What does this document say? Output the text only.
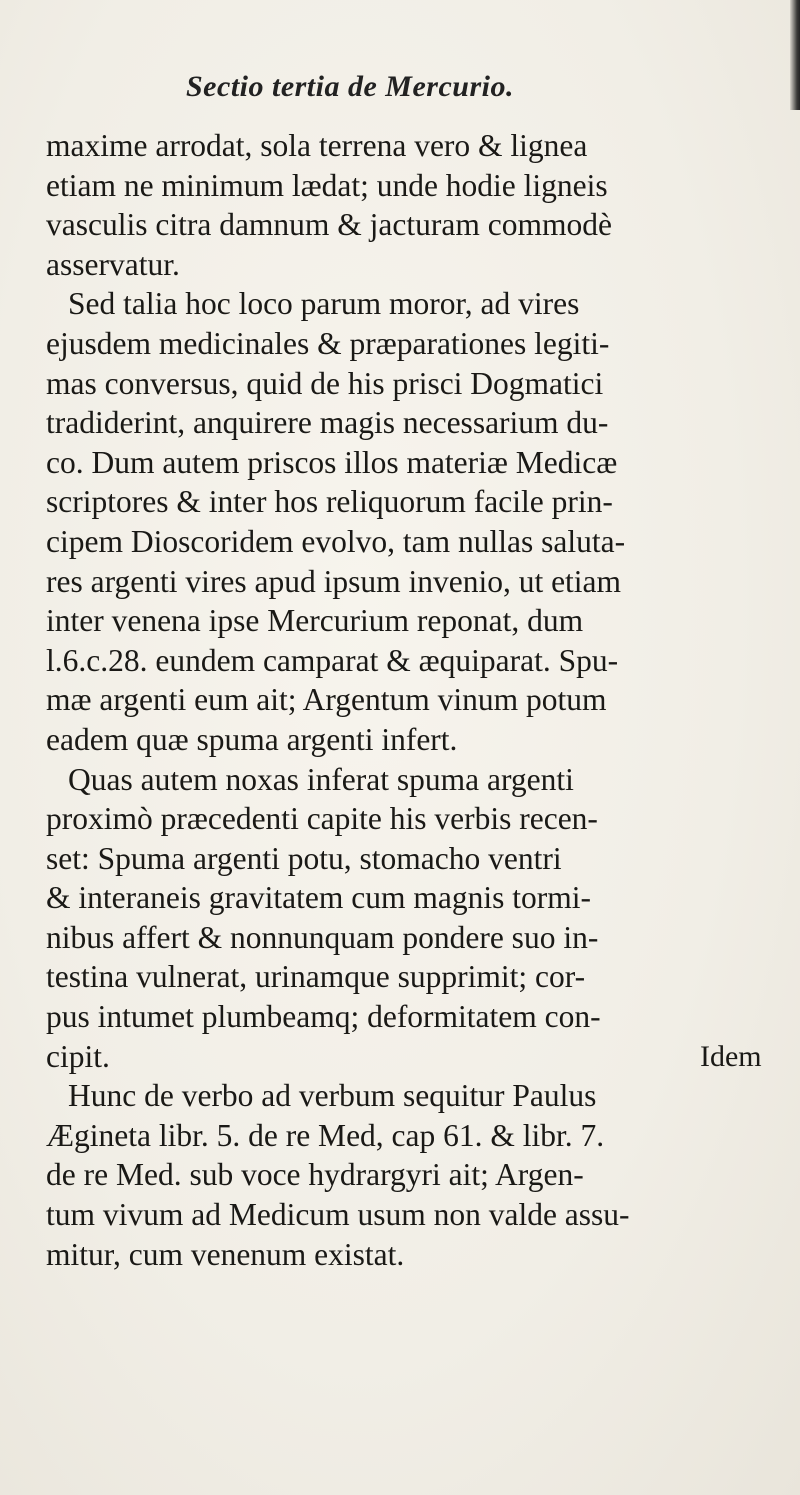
Sectio tertia de Mercurio.
maxime arrodat, sola terrena vero & lignea
etiam ne minimum lædat; unde hodie ligneis
vasculis citra damnum & jacturam commodè
asservatur.
Sed talia hoc loco parum moror, ad vires
ejusdem medicinales & præparationes legiti-
mas conversus, quid de his prisci Dogmatici
tradiderint, anquirere magis necessarium du-
co. Dum autem priscos illos materiæ Medicæ
scriptores & inter hos reliquorum facile prin-
cipem Dioscoridem evolvo, tam nullas saluta-
res argenti vires apud ipsum invenio, ut etiam
inter venena ipse Mercurium reponat, dum
l.6.c.28. eundem camparat & æquiparat. Spu-
mæ argenti eum ait; Argentum vinum potum
eadem quæ spuma argenti infert.
Quas autem noxas inferat spuma argenti
proximò præcedenti capite his verbis recen-
set: Spuma argenti potu, stomacho ventri
& interaneis gravitatem cum magnis tormi-
nibus affert & nonnunquam pondere suo in-
testina vulnerat, urinamque supprimit; cor-
pus intumet plumbeamq; deformitatem con-
cipit.
Hunc de verbo ad verbum sequitur Paulus
Ægineta libr. 5. de re Med, cap 61. & libr. 7.
de re Med. sub voce hydrargyri ait; Argen-
tum vivum ad Medicum usum non valde assu-
mitur, cum venenum existat.
Idem
